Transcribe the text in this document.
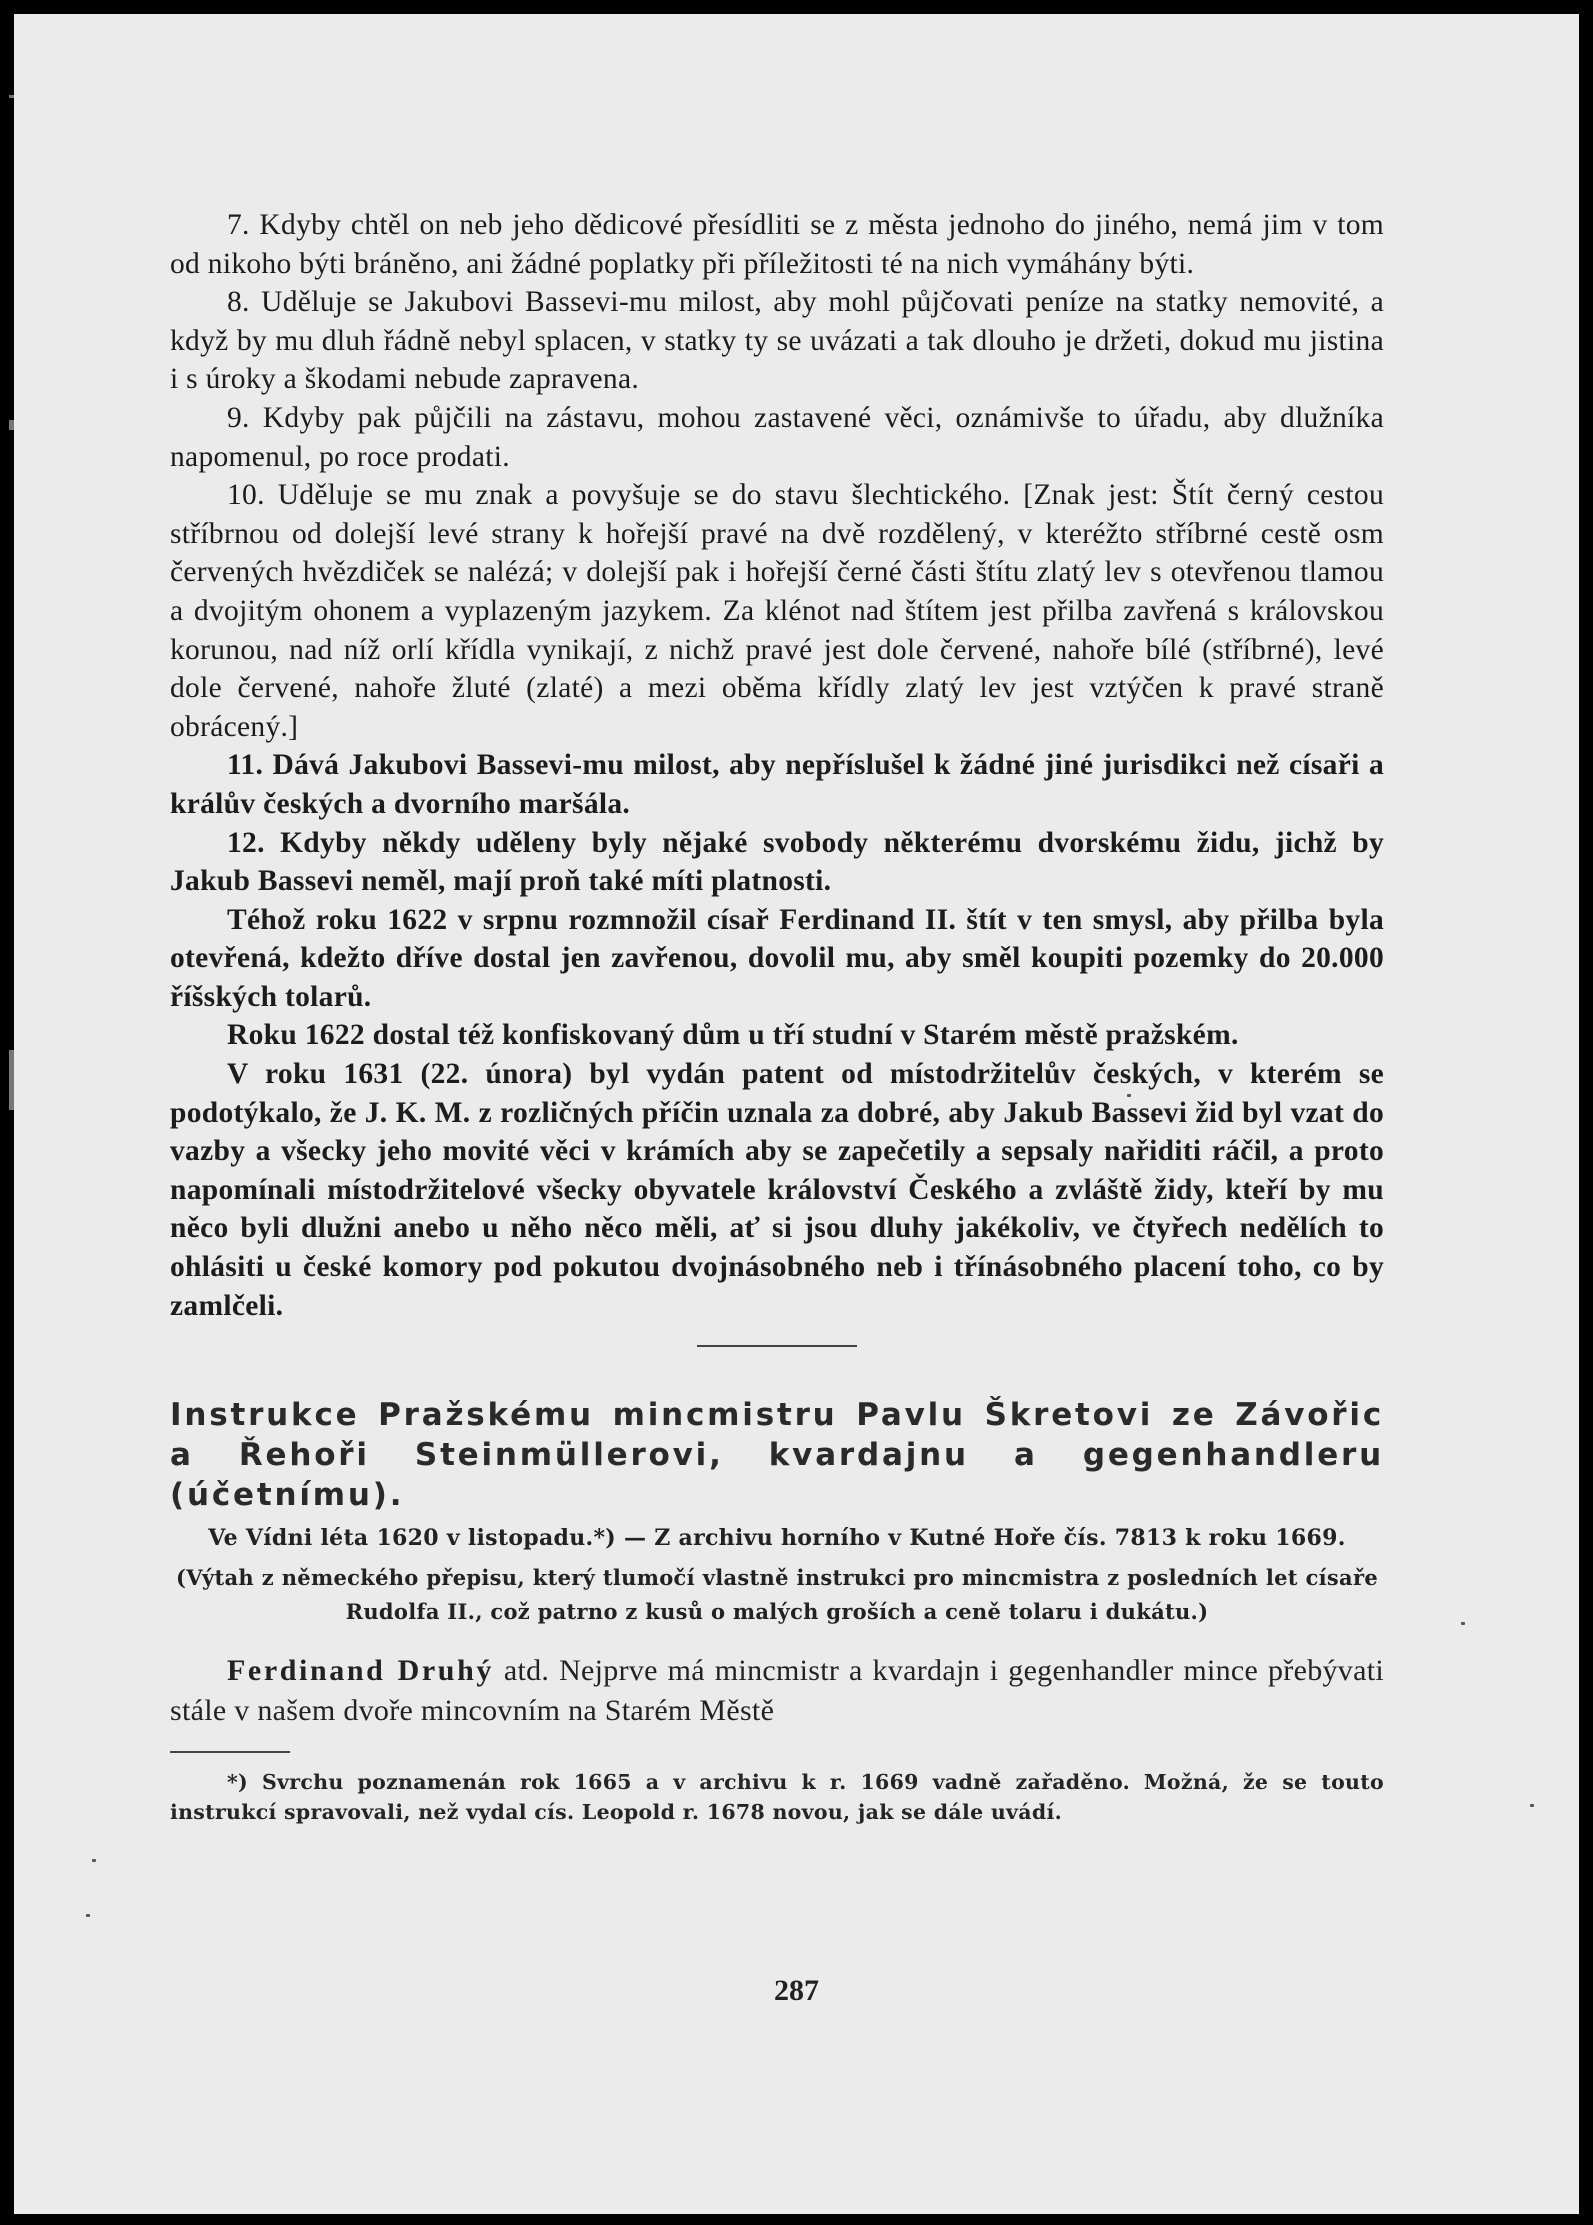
7. Kdyby chtěl on neb jeho dědicové přesídliti se z města jednoho do jiného, nemá jim v tom od nikoho býti bráněno, ani žádné poplatky při příležitosti té na nich vymáhány býti.

8. Uděluje se Jakubovi Bassevi-mu milost, aby mohl půjčovati peníze na statky nemovité, a když by mu dluh řádně nebyl splacen, v statky ty se uvázati a tak dlouho je držeti, dokud mu jistina i s úroky a škodami nebude zapravena.

9. Kdyby pak půjčili na zástavu, mohou zastavené věci, oznámivše to úřadu, aby dlužníka napomenul, po roce prodati.

10. Uděluje se mu znak a povyšuje se do stavu šlechtického. [Znak jest: Štít černý cestou stříbrnou od dolejší levé strany k hořejší pravé na dvě rozdělený, v kteréžto stříbrné cestě osm červených hvězdiček se nalézá; v dolejší pak i hořejší černé části štítu zlatý lev s otevřenou tlamou a dvojitým ohonem a vyplazeným jazykem. Za klénot nad štítem jest přilba zavřená s královskou korunou, nad níž orlí křídla vynikají, z nichž pravé jest dole červené, nahoře bílé (stříbrné), levé dole červené, nahoře žluté (zlaté) a mezi oběma křídly zlatý lev jest vztýčen k pravé straně obrácený.]

11. Dává Jakubovi Bassevi-mu milost, aby nepříslušel k žádné jiné jurisdikci než císaři a králův českých a dvorního maršála.

12. Kdyby někdy uděleny byly nějaké svobody některému dvorskému židu, jichž by Jakub Bassevi neměl, mají proň také míti platnosti.

Téhož roku 1622 v srpnu rozmnožil císař Ferdinand II. štít v ten smysl, aby přilba byla otevřená, kdežto dříve dostal jen zavřenou, dovolil mu, aby směl koupiti pozemky do 20.000 říšských tolarů.

Roku 1622 dostal též konfiskovaný dům u tří studní v Starém městě pražském.

V roku 1631 (22. února) byl vydán patent od místodržitelův českých, v kterém se podotýkalo, že J. K. M. z rozličných příčin uznala za dobré, aby Jakub Bassevi žid byl vzat do vazby a všecky jeho movité věci v krámích aby se zapečetily a sepsaly nařiditi ráčil, a proto napomínali místodržitelové všecky obyvatele království Českého a zvláště židy, kteří by mu něco byli dlužni anebo u něho něco měli, ať si jsou dluhy jakékoliv, ve čtyřech nedělích to ohlásiti u české komory pod pokutou dvojnásobného neb i třínásobného placení toho, co by zamlčeli.

Instrukce Pražskému mincmistru Pavlu Škretovi ze Závořic a Řehoři Steinmüllerovi, kvardajnu a gegenhandleru (účetnímu).

Ve Vídni léta 1620 v listopadu.*) — Z archivu horního v Kutné Hoře čís. 7813 k roku 1669.

(Výtah z německého přepisu, který tlumočí vlastně instrukci pro mincmistra z posledních let císaře Rudolfa II., což patrno z kusů o malých groších a ceně tolaru i dukátu.)

Ferdinand Druhý atd. Nejprve má mincmistr a kvardajn i gegenhandler mince přebývati stále v našem dvoře mincovním na Starém Městě

*) Svrchu poznamenán rok 1665 a v archivu k r. 1669 vadně zařaděno. Možná, že se touto instrukcí spravovali, než vydal cís. Leopold r. 1678 novou, jak se dále uvádí.

287
